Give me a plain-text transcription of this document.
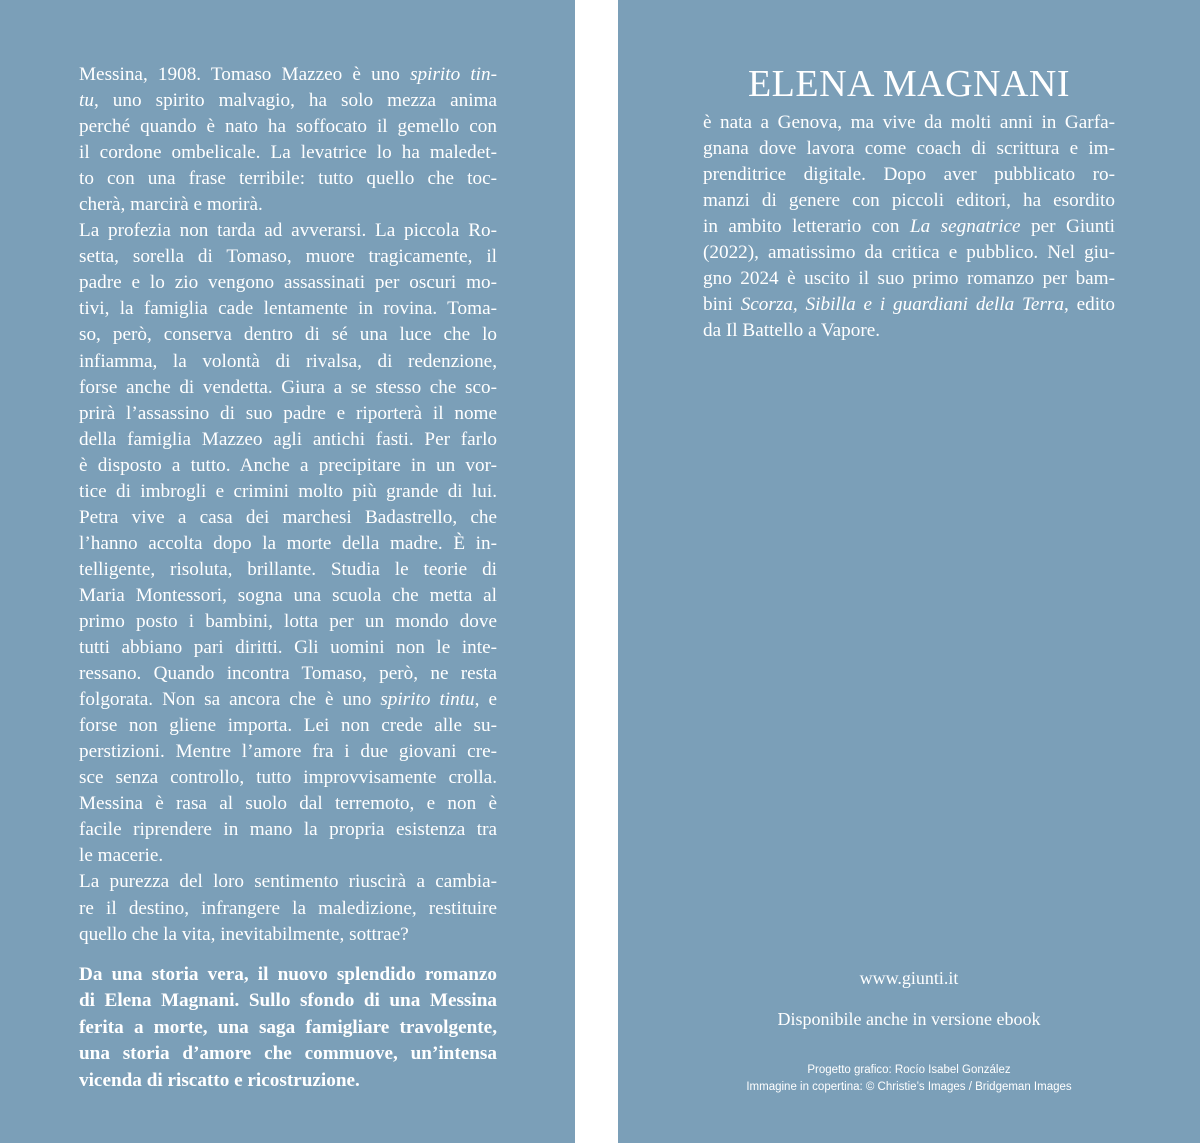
Messina, 1908. Tomaso Mazzeo è uno spirito tin-
tu, uno spirito malvagio, ha solo mezza anima
perché quando è nato ha soffocato il gemello con
il cordone ombelicale. La levatrice lo ha maledet-
to con una frase terribile: tutto quello che toc-
cherà, marcirà e morirà.
La profezia non tarda ad avverarsi. La piccola Ro-
setta, sorella di Tomaso, muore tragicamente, il
padre e lo zio vengono assassinati per oscuri mo-
tivi, la famiglia cade lentamente in rovina. Toma-
so, però, conserva dentro di sé una luce che lo
infiamma, la volontà di rivalsa, di redenzione,
forse anche di vendetta. Giura a se stesso che sco-
prirà l’assassino di suo padre e riporterà il nome
della famiglia Mazzeo agli antichi fasti. Per farlo
è disposto a tutto. Anche a precipitare in un vor-
tice di imbrogli e crimini molto più grande di lui.
Petra vive a casa dei marchesi Badastrello, che
l’hanno accolta dopo la morte della madre. È in-
telligente, risoluta, brillante. Studia le teorie di
Maria Montessori, sogna una scuola che metta al
primo posto i bambini, lotta per un mondo dove
tutti abbiano pari diritti. Gli uomini non le inte-
ressano. Quando incontra Tomaso, però, ne resta
folgorata. Non sa ancora che è uno spirito tintu, e
forse non gliene importa. Lei non crede alle su-
perstizioni. Mentre l’amore fra i due giovani cre-
sce senza controllo, tutto improvvisamente crolla.
Messina è rasa al suolo dal terremoto, e non è
facile riprendere in mano la propria esistenza tra
le macerie.
La purezza del loro sentimento riuscirà a cambia-
re il destino, infrangere la maledizione, restituire
quello che la vita, inevitabilmente, sottrae?
Da una storia vera, il nuovo splendido romanzo
di Elena Magnani. Sullo sfondo di una Messina
ferita a morte, una saga famigliare travolgente,
una storia d’amore che commuove, un’intensa
vicenda di riscatto e ricostruzione.
ELENA MAGNANI
è nata a Genova, ma vive da molti anni in Garfa-
gnana dove lavora come coach di scrittura e im-
prenditrice digitale. Dopo aver pubblicato ro-
manzi di genere con piccoli editori, ha esordito
in ambito letterario con La segnatrice per Giunti
(2022), amatissimo da critica e pubblico. Nel giu-
gno 2024 è uscito il suo primo romanzo per bam-
bini Scorza, Sibilla e i guardiani della Terra, edito
da Il Battello a Vapore.
www.giunti.it
Disponibile anche in versione ebook
Progetto grafico: Rocío Isabel González
Immagine in copertina: © Christie’s Images / Bridgeman Images
